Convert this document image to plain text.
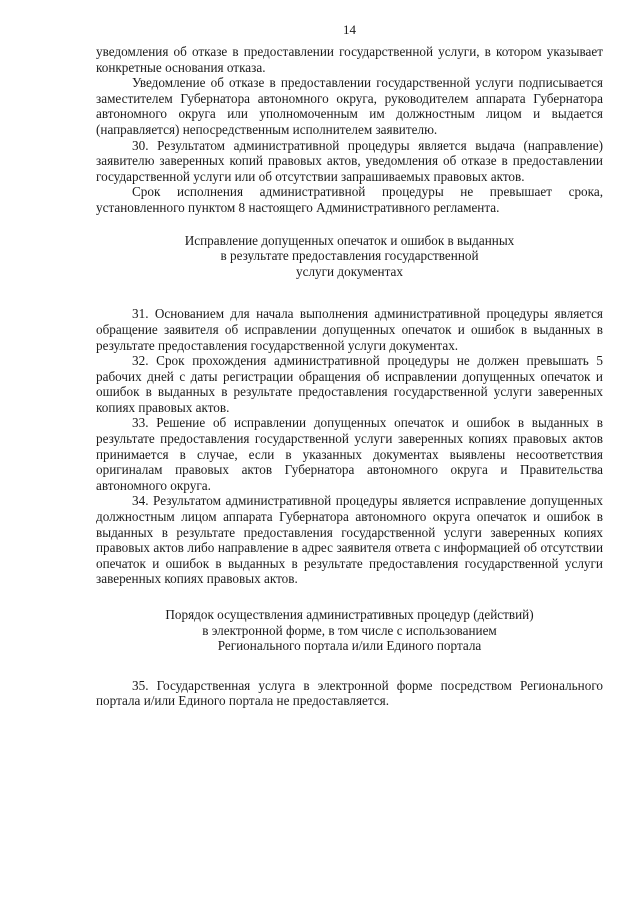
14

уведомления об отказе в предоставлении государственной услуги, в котором указывает конкретные основания отказа.

Уведомление об отказе в предоставлении государственной услуги подписывается заместителем Губернатора автономного округа, руководителем аппарата Губернатора автономного округа или уполномоченным им должностным лицом и выдается (направляется) непосредственным исполнителем заявителю.

30. Результатом административной процедуры является выдача (направление) заявителю заверенных копий правовых актов, уведомления об отказе в предоставлении государственной услуги или об отсутствии запрашиваемых правовых актов.

Срок исполнения административной процедуры не превышает срока, установленного пунктом 8 настоящего Административного регламента.

Исправление допущенных опечаток и ошибок в выданных

в результате предоставления государственной

услуги документах

31. Основанием для начала выполнения административной процедуры является обращение заявителя об исправлении допущенных опечаток и ошибок в выданных в результате предоставления государственной услуги документах.

32. Срок прохождения административной процедуры не должен превышать 5 рабочих дней с даты регистрации обращения об исправлении допущенных опечаток и ошибок в выданных в результате предоставления государственной услуги заверенных копиях правовых актов.

33. Решение об исправлении допущенных опечаток и ошибок в выданных в результате предоставления государственной услуги заверенных копиях правовых актов принимается в случае, если в указанных документах выявлены несоответствия оригиналам правовых актов Губернатора автономного округа и Правительства автономного округа.

34. Результатом административной процедуры является исправление допущенных должностным лицом аппарата Губернатора автономного округа опечаток и ошибок в выданных в результате предоставления государственной услуги заверенных копиях правовых актов либо направление в адрес заявителя ответа с информацией об отсутствии опечаток и ошибок в выданных в результате предоставления государственной услуги заверенных копиях правовых актов.

Порядок осуществления административных процедур (действий)

в электронной форме, в том числе с использованием

Регионального портала и/или Единого портала

35. Государственная услуга в электронной форме посредством Регионального портала и/или Единого портала не предоставляется.
